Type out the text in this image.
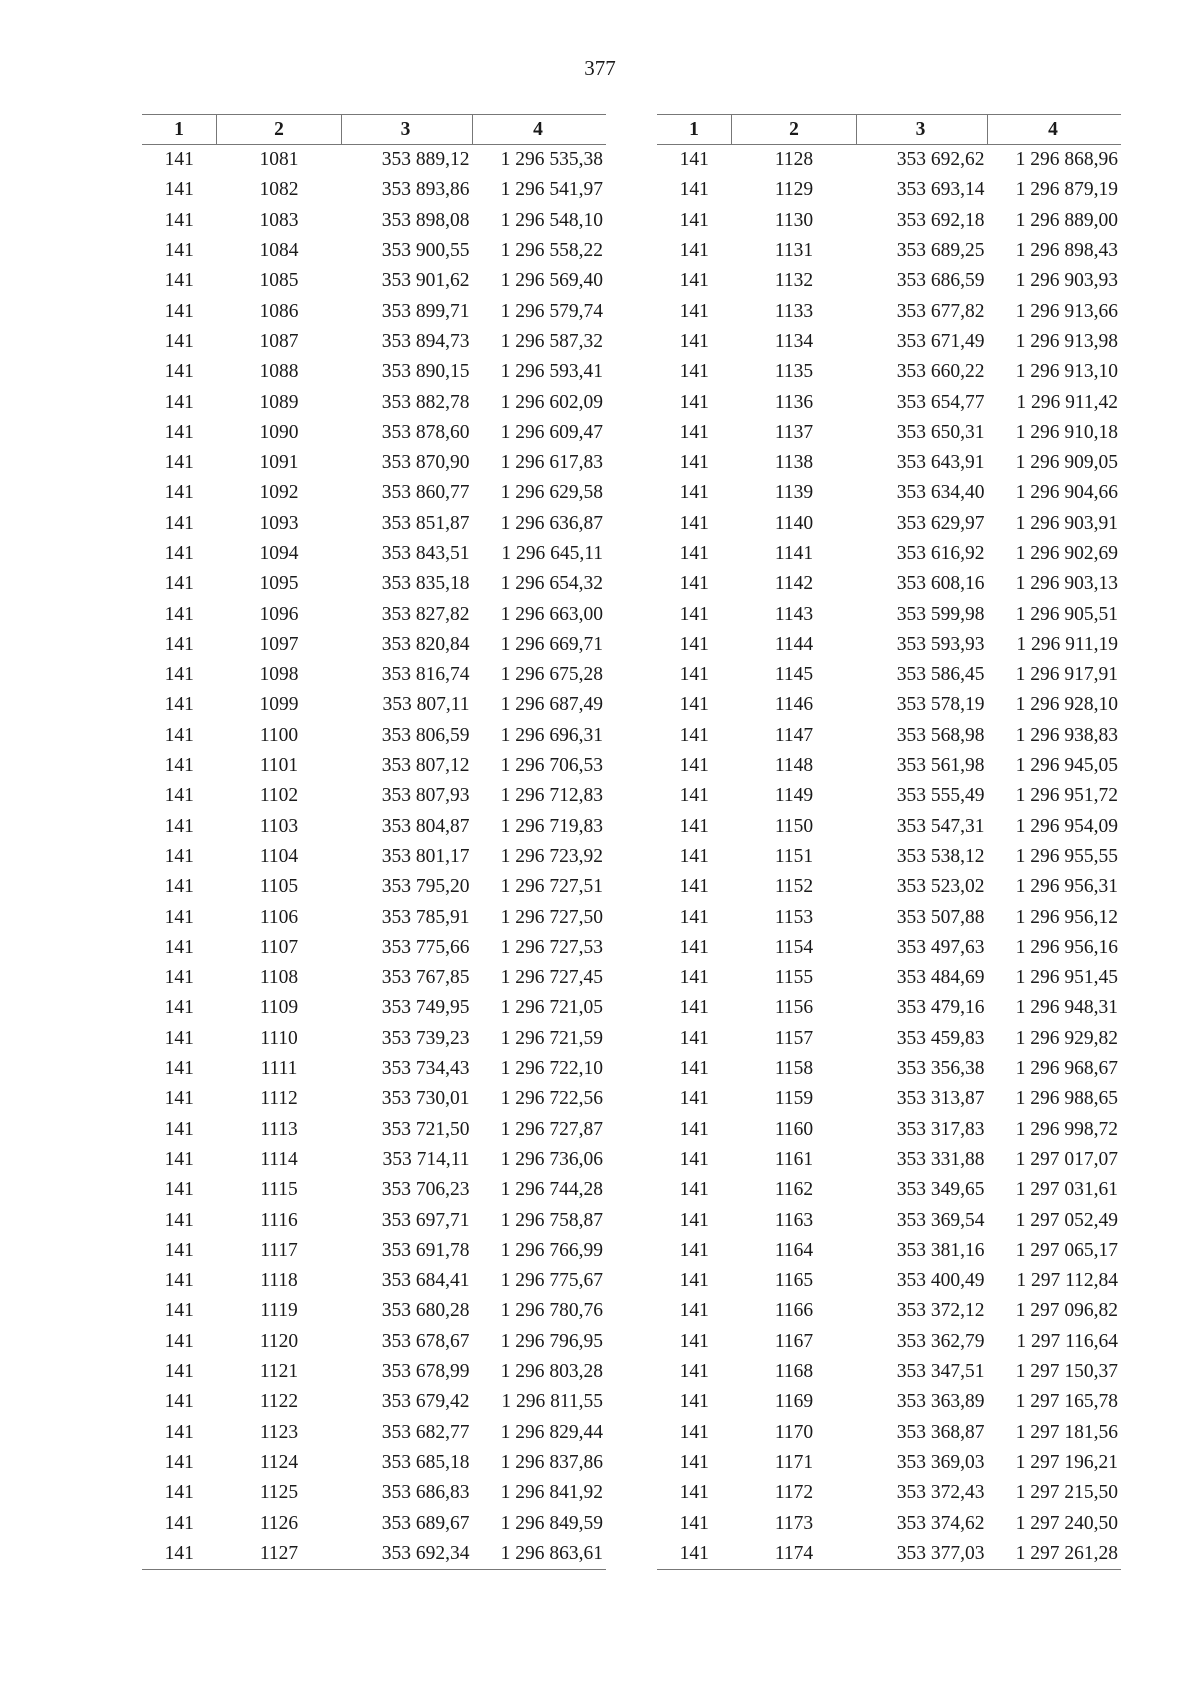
377
1	2	3	4
141	1081	353 889,12	1 296 535,38
141	1082	353 893,86	1 296 541,97
141	1083	353 898,08	1 296 548,10
141	1084	353 900,55	1 296 558,22
141	1085	353 901,62	1 296 569,40
141	1086	353 899,71	1 296 579,74
141	1087	353 894,73	1 296 587,32
141	1088	353 890,15	1 296 593,41
141	1089	353 882,78	1 296 602,09
141	1090	353 878,60	1 296 609,47
141	1091	353 870,90	1 296 617,83
141	1092	353 860,77	1 296 629,58
141	1093	353 851,87	1 296 636,87
141	1094	353 843,51	1 296 645,11
141	1095	353 835,18	1 296 654,32
141	1096	353 827,82	1 296 663,00
141	1097	353 820,84	1 296 669,71
141	1098	353 816,74	1 296 675,28
141	1099	353 807,11	1 296 687,49
141	1100	353 806,59	1 296 696,31
141	1101	353 807,12	1 296 706,53
141	1102	353 807,93	1 296 712,83
141	1103	353 804,87	1 296 719,83
141	1104	353 801,17	1 296 723,92
141	1105	353 795,20	1 296 727,51
141	1106	353 785,91	1 296 727,50
141	1107	353 775,66	1 296 727,53
141	1108	353 767,85	1 296 727,45
141	1109	353 749,95	1 296 721,05
141	1110	353 739,23	1 296 721,59
141	1111	353 734,43	1 296 722,10
141	1112	353 730,01	1 296 722,56
141	1113	353 721,50	1 296 727,87
141	1114	353 714,11	1 296 736,06
141	1115	353 706,23	1 296 744,28
141	1116	353 697,71	1 296 758,87
141	1117	353 691,78	1 296 766,99
141	1118	353 684,41	1 296 775,67
141	1119	353 680,28	1 296 780,76
141	1120	353 678,67	1 296 796,95
141	1121	353 678,99	1 296 803,28
141	1122	353 679,42	1 296 811,55
141	1123	353 682,77	1 296 829,44
141	1124	353 685,18	1 296 837,86
141	1125	353 686,83	1 296 841,92
141	1126	353 689,67	1 296 849,59
141	1127	353 692,34	1 296 863,61
1	2	3	4
141	1128	353 692,62	1 296 868,96
141	1129	353 693,14	1 296 879,19
141	1130	353 692,18	1 296 889,00
141	1131	353 689,25	1 296 898,43
141	1132	353 686,59	1 296 903,93
141	1133	353 677,82	1 296 913,66
141	1134	353 671,49	1 296 913,98
141	1135	353 660,22	1 296 913,10
141	1136	353 654,77	1 296 911,42
141	1137	353 650,31	1 296 910,18
141	1138	353 643,91	1 296 909,05
141	1139	353 634,40	1 296 904,66
141	1140	353 629,97	1 296 903,91
141	1141	353 616,92	1 296 902,69
141	1142	353 608,16	1 296 903,13
141	1143	353 599,98	1 296 905,51
141	1144	353 593,93	1 296 911,19
141	1145	353 586,45	1 296 917,91
141	1146	353 578,19	1 296 928,10
141	1147	353 568,98	1 296 938,83
141	1148	353 561,98	1 296 945,05
141	1149	353 555,49	1 296 951,72
141	1150	353 547,31	1 296 954,09
141	1151	353 538,12	1 296 955,55
141	1152	353 523,02	1 296 956,31
141	1153	353 507,88	1 296 956,12
141	1154	353 497,63	1 296 956,16
141	1155	353 484,69	1 296 951,45
141	1156	353 479,16	1 296 948,31
141	1157	353 459,83	1 296 929,82
141	1158	353 356,38	1 296 968,67
141	1159	353 313,87	1 296 988,65
141	1160	353 317,83	1 296 998,72
141	1161	353 331,88	1 297 017,07
141	1162	353 349,65	1 297 031,61
141	1163	353 369,54	1 297 052,49
141	1164	353 381,16	1 297 065,17
141	1165	353 400,49	1 297 112,84
141	1166	353 372,12	1 297 096,82
141	1167	353 362,79	1 297 116,64
141	1168	353 347,51	1 297 150,37
141	1169	353 363,89	1 297 165,78
141	1170	353 368,87	1 297 181,56
141	1171	353 369,03	1 297 196,21
141	1172	353 372,43	1 297 215,50
141	1173	353 374,62	1 297 240,50
141	1174	353 377,03	1 297 261,28
